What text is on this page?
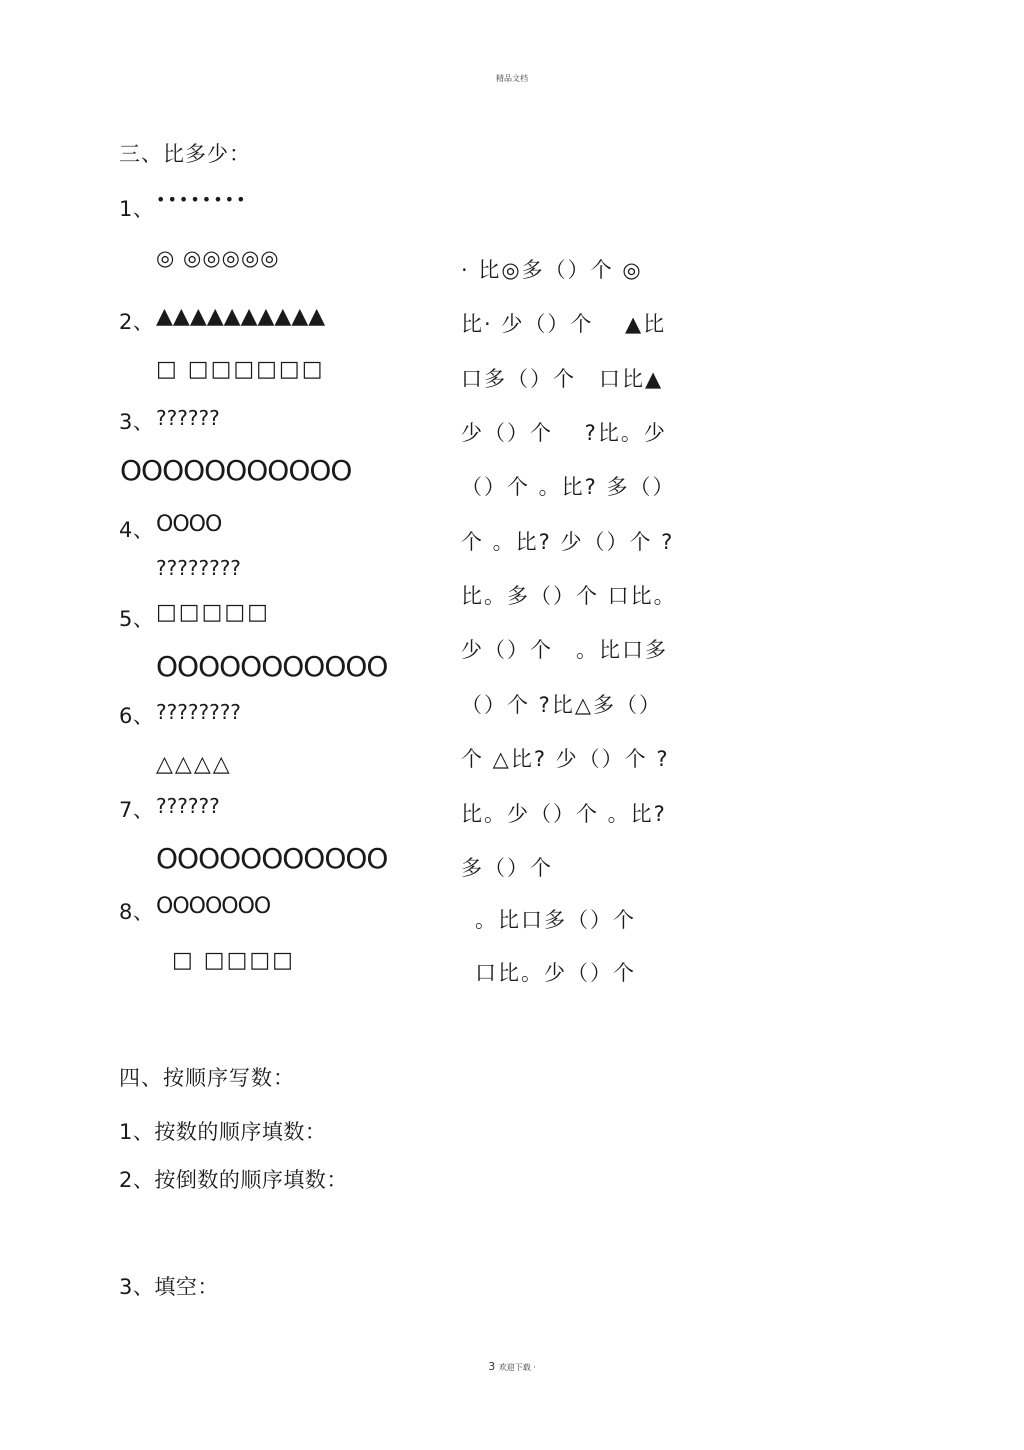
精品文档
三、比多少：
1、 ••••••••
◎ ◎◎◎◎◎
2、 ▲▲▲▲▲▲▲▲▲▲
□ □□□□□□
3、 ??????
OOOOOOOOOOO
4、 OOOO
????????
5、 □□□□□
OOOOOOOOOOO
6、 ????????
△△△△
7、 ??????
OOOOOOOOOOO
8、 OOOOOOO
□ □□□□
· 比◎多（）个 ◎
比· 少（）个　 ▲比
口多（）个　口比▲
少（）个　 ?比。少
（）个 。比? 多（）
个 。比? 少（）个 ?
比。多（）个 口比。
少（）个　。比口多
（）个 ?比△多（）
个 △比? 少（）个 ?
比。少（）个 。比?
多（）个
。比口多（）个
口比。少（）个
四、按顺序写数：
1、按数的顺序填数：
2、按倒数的顺序填数：
3、填空：
3 欢迎下载 ·
